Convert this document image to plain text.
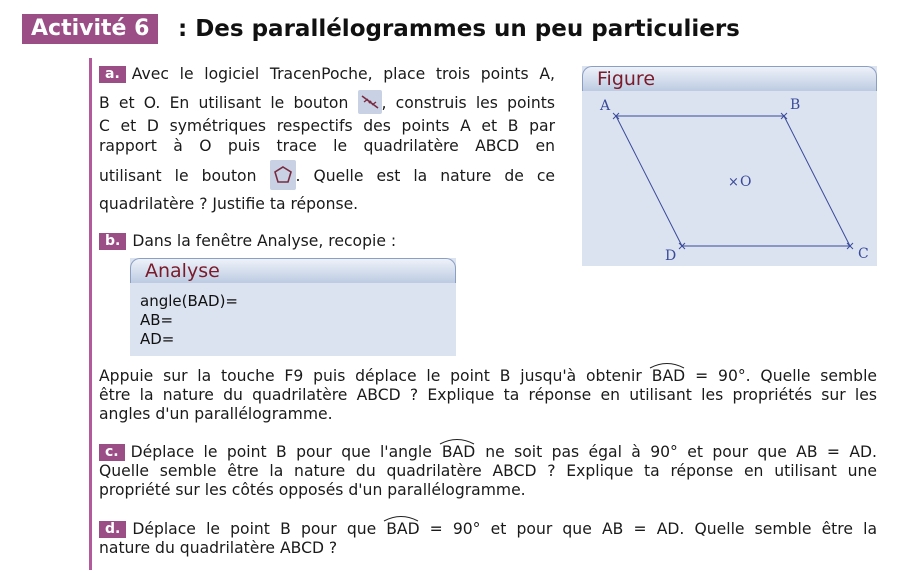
Activité 6	: Des parallélogrammes un peu particuliers
a. Avec le logiciel TracenPoche, place trois points A,
B et O. En utilisant le bouton , construis les points
C et D symétriques respectifs des points A et B par
rapport à O puis trace le quadrilatère ABCD en
utilisant le bouton	. Quelle est la nature de ce
quadrilatère ? Justifie ta réponse.
Figure
A	B
C
D
× O
b. Dans la fenêtre Analyse, recopie :
Analyse
angle(BAD)=
AB=
AD=
Appuie sur la touche F9 puis déplace le point B jusqu'à obtenir BAD = 90°. Quelle semble
être la nature du quadrilatère ABCD ? Explique ta réponse en utilisant les propriétés sur les
angles d'un parallélogramme.
c. Déplace le point B pour que l'angle BAD ne soit pas égal à 90° et pour que AB = AD.
Quelle semble être la nature du quadrilatère ABCD ? Explique ta réponse en utilisant une
propriété sur les côtés opposés d'un parallélogramme.
d. Déplace le point B pour que BAD = 90° et pour que AB = AD. Quelle semble être la
nature du quadrilatère ABCD ?
